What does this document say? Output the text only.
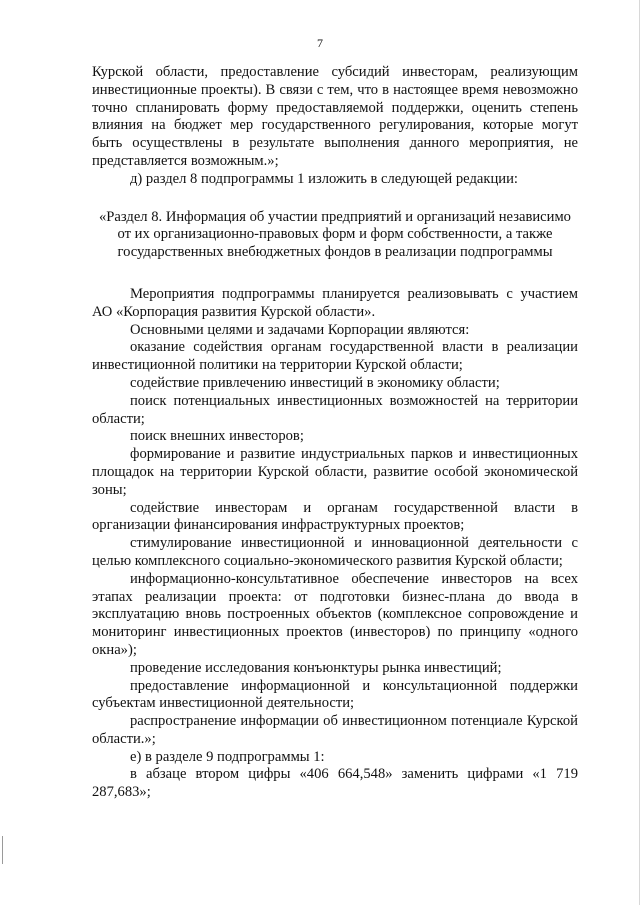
7

Курской области, предоставление субсидий инвесторам, реализующим инвестиционные проекты). В связи с тем, что в настоящее время невозможно точно спланировать форму предоставляемой поддержки, оценить степень влияния на бюджет мер государственного регулирования, которые могут быть осуществлены в результате выполнения данного мероприятия, не представляется возможным.»;

д) раздел 8 подпрограммы 1 изложить в следующей редакции:

«Раздел 8. Информация об участии предприятий и организаций независимо от их организационно-правовых форм и форм собственности, а также государственных внебюджетных фондов в реализации подпрограммы

Мероприятия подпрограммы планируется реализовывать с участием АО «Корпорация развития Курской области».

Основными целями и задачами Корпорации являются:

оказание содействия органам государственной власти в реализации инвестиционной политики на территории Курской области;

содействие привлечению инвестиций в экономику области;

поиск потенциальных инвестиционных возможностей на территории области;

поиск внешних инвесторов;

формирование и развитие индустриальных парков и инвестиционных площадок на территории Курской области, развитие особой экономической зоны;

содействие инвесторам и органам государственной власти в организации финансирования инфраструктурных проектов;

стимулирование инвестиционной и инновационной деятельности с целью комплексного социально-экономического развития Курской области;

информационно-консультативное обеспечение инвесторов на всех этапах реализации проекта: от подготовки бизнес-плана до ввода в эксплуатацию вновь построенных объектов (комплексное сопровождение и мониторинг инвестиционных проектов (инвесторов) по принципу «одного окна»);

проведение исследования конъюнктуры рынка инвестиций;

предоставление информационной и консультационной поддержки субъектам инвестиционной деятельности;

распространение информации об инвестиционном потенциале Курской области.»;

е) в разделе 9 подпрограммы 1:

в абзаце втором цифры «406 664,548» заменить цифрами «1 719 287,683»;
